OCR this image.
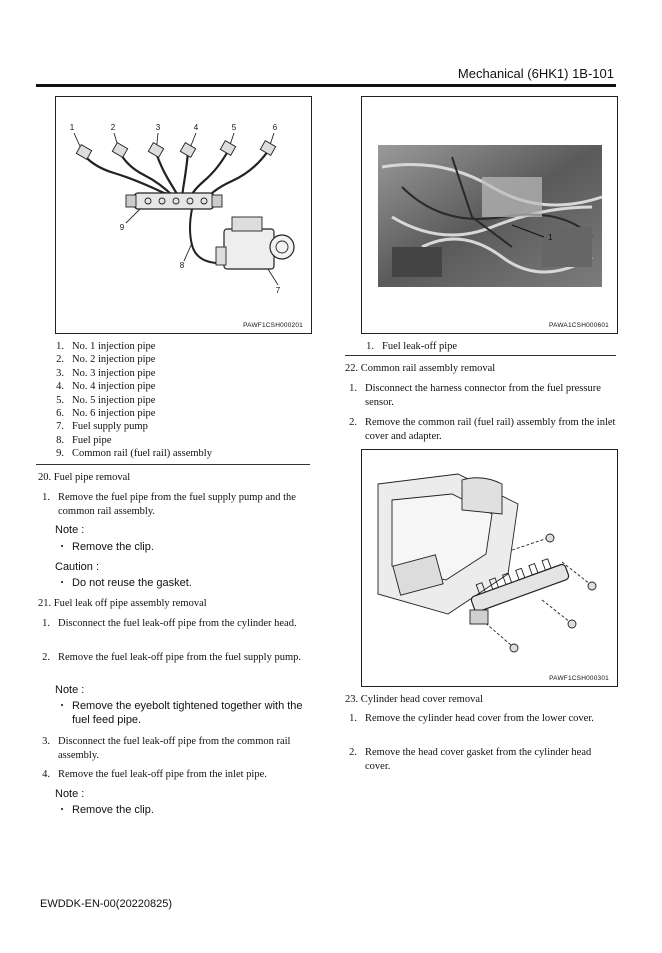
Mechanical (6HK1) 1B-101
1	2	3	4	5	6
7
8
9
PAWF1CSH000201
1. No. 1 injection pipe
2. No. 2 injection pipe
3. No. 3 injection pipe
4. No. 4 injection pipe
5. No. 5 injection pipe
6. No. 6 injection pipe
7. Fuel supply pump
8. Fuel pipe
9. Common rail (fuel rail) assembly
20. Fuel pipe removal
1. Remove the fuel pipe from the fuel supply pump and the common rail assembly.
Note :
・ Remove the clip.
Caution :
・ Do not reuse the gasket.
21. Fuel leak off pipe assembly removal
1. Disconnect the fuel leak-off pipe from the cylinder head.
2. Remove the fuel leak-off pipe from the fuel supply pump.
Note :
・ Remove the eyebolt tightened together with the fuel feed pipe.
3. Disconnect the fuel leak-off pipe from the common rail assembly.
4. Remove the fuel leak-off pipe from the inlet pipe.
Note :
・ Remove the clip.
1
PAWA1CSH000601
1. Fuel leak-off pipe
22. Common rail assembly removal
1. Disconnect the harness connector from the fuel pressure sensor.
2. Remove the common rail (fuel rail) assembly from the inlet cover and adapter.
PAWF1CSH000301
23. Cylinder head cover removal
1. Remove the cylinder head cover from the lower cover.
2. Remove the head cover gasket from the cylinder head cover.
EWDDK-EN-00(20220825)
